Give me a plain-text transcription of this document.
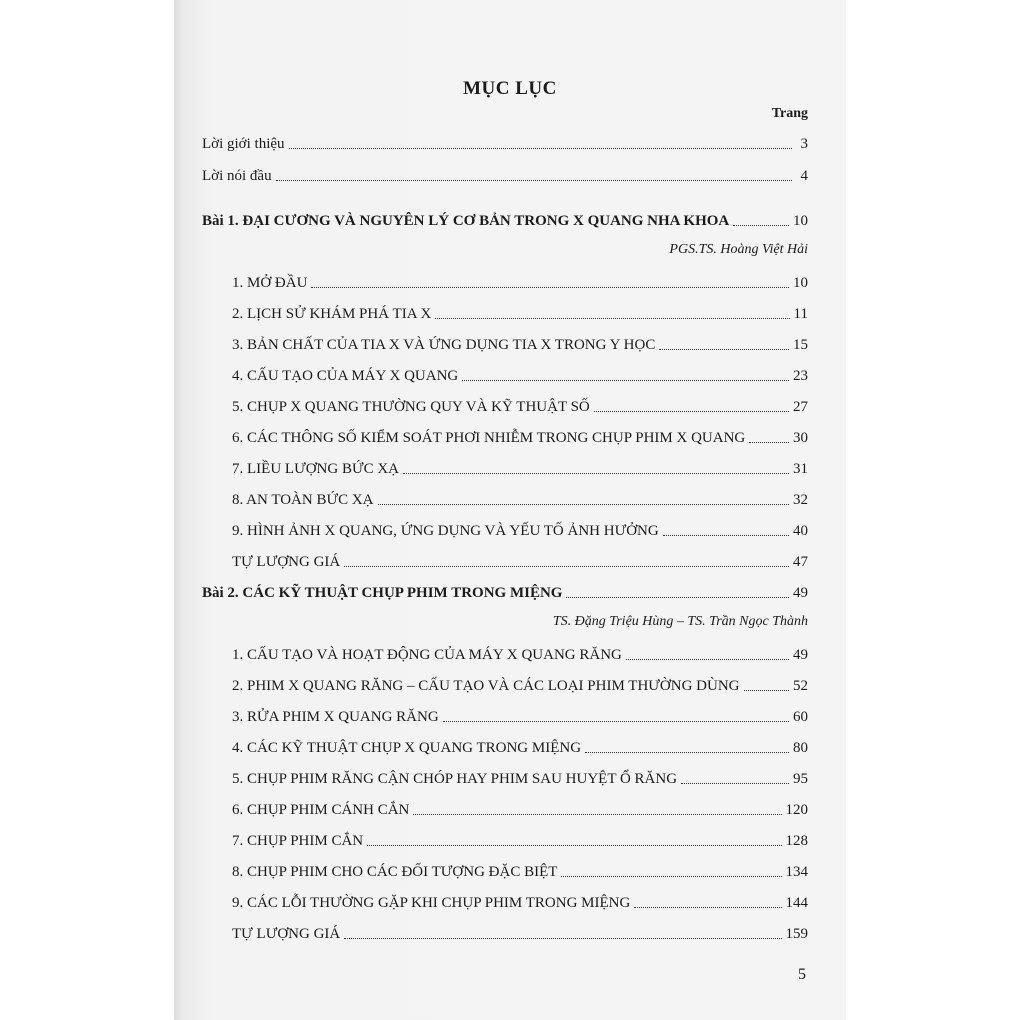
MỤC LỤC
Trang
Lời giới thiệu	3
Lời nói đầu	4
Bài 1. ĐẠI CƯƠNG VÀ NGUYÊN LÝ CƠ BẢN TRONG X QUANG NHA KHOA	10
PGS.TS. Hoàng Việt Hải
1. MỞ ĐẦU	10
2. LỊCH SỬ KHÁM PHÁ TIA X	11
3. BẢN CHẤT CỦA TIA X VÀ ỨNG DỤNG TIA X TRONG Y HỌC	15
4. CẤU TẠO CỦA MÁY X QUANG	23
5. CHỤP X QUANG THƯỜNG QUY VÀ KỸ THUẬT SỐ	27
6. CÁC THÔNG SỐ KIỂM SOÁT PHƠI NHIỄM TRONG CHỤP PHIM X QUANG	30
7. LIỀU LƯỢNG BỨC XẠ	31
8. AN TOÀN BỨC XẠ	32
9. HÌNH ẢNH X QUANG, ỨNG DỤNG VÀ YẾU TỐ ẢNH HƯỞNG	40
TỰ LƯỢNG GIÁ	47
Bài 2. CÁC KỸ THUẬT CHỤP PHIM TRONG MIỆNG	49
TS. Đặng Triệu Hùng – TS. Trần Ngọc Thành
1. CẤU TẠO VÀ HOẠT ĐỘNG CỦA MÁY X QUANG RĂNG	49
2. PHIM X QUANG RĂNG – CẤU TẠO VÀ CÁC LOẠI PHIM THƯỜNG DÙNG	52
3. RỬA PHIM X QUANG RĂNG	60
4. CÁC KỸ THUẬT CHỤP X QUANG TRONG MIỆNG	80
5. CHỤP PHIM RĂNG CẬN CHÓP HAY PHIM SAU HUYỆT Ổ RĂNG	95
6. CHỤP PHIM CÁNH CẮN	120
7. CHỤP PHIM CẮN	128
8. CHỤP PHIM CHO CÁC ĐỐI TƯỢNG ĐẶC BIỆT	134
9. CÁC LỖI THƯỜNG GẶP KHI CHỤP PHIM TRONG MIỆNG	144
TỰ LƯỢNG GIÁ	159
5
